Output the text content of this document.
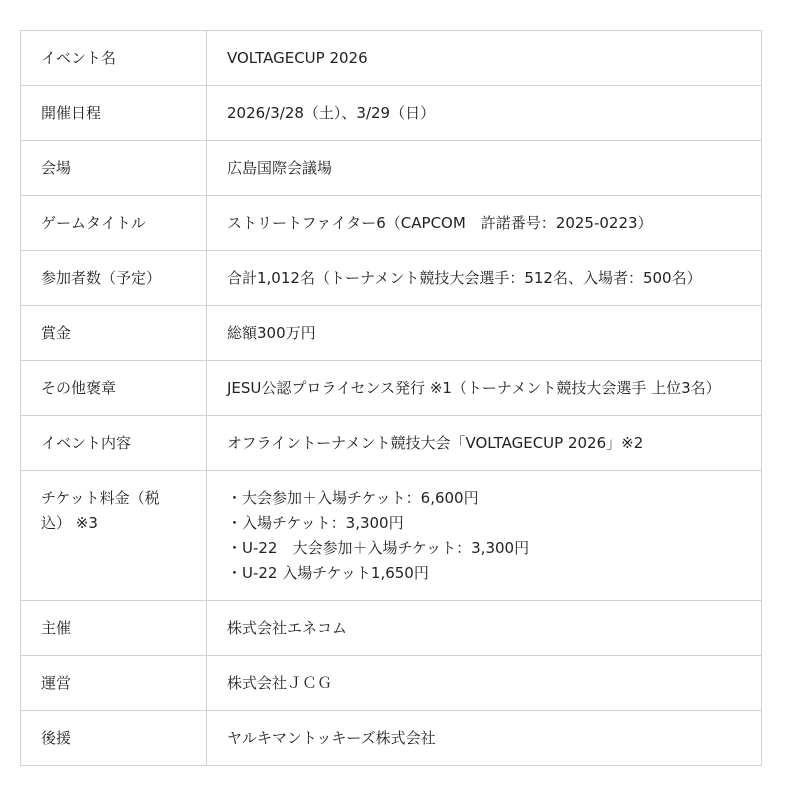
イベント名	VOLTAGECUP 2026
開催日程	2026/3/28（土）、3/29（日）
会場	広島国際会議場
ゲームタイトル	ストリートファイター6（CAPCOM　許諾番号：2025-0223）
参加者数（予定）	合計1,012名（トーナメント競技大会選手：512名、入場者：500名）
賞金	総額300万円
その他褒章	JESU公認プロライセンス発行 ※1（トーナメント競技大会選手 上位3名）
イベント内容	オフライントーナメント競技大会「VOLTAGECUP 2026」※2
チケット料金（税込） ※3	・大会参加＋入場チケット：6,600円
・入場チケット：3,300円
・U-22　大会参加＋入場チケット：3,300円
・U-22 入場チケット1,650円
主催	株式会社エネコム
運営	株式会社ＪＣＧ
後援	ヤルキマントッキーズ株式会社
